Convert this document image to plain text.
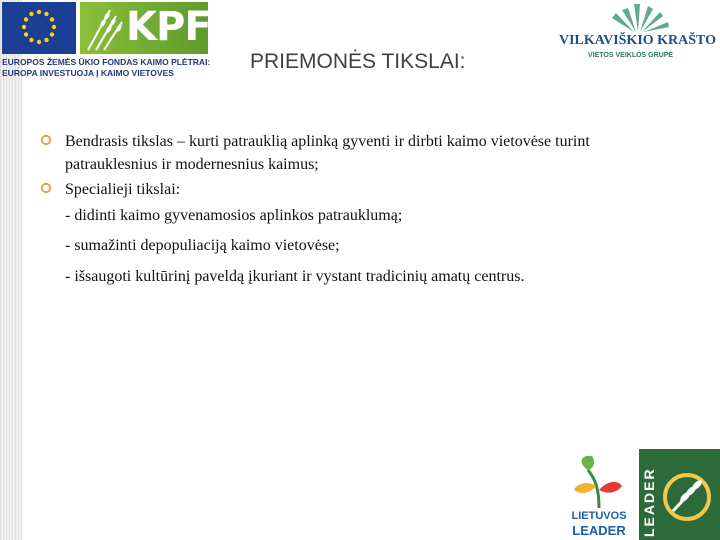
KPF
EUROPOS ŽEMĖS ŪKIO FONDAS KAIMO PLĖTRAI:
EUROPA INVESTUOJA Į KAIMO VIETOVES
VILKAVIŠKIO KRAŠTO
VIETOS VEIKLOS GRUPĖ
PRIEMONĖS TIKSLAI:
Bendrasis tikslas – kurti patrauklią aplinką gyventi ir dirbti kaimo vietovėse turint patrauklesnius ir modernesnius kaimus;
Specialieji tikslai:
- didinti kaimo gyvenamosios aplinkos patrauklumą;
- sumažinti depopuliaciją kaimo vietovėse;
- išsaugoti kultūrinį paveldą įkuriant ir vystant tradicinių amatų centrus.
LIETUVOS
LEADER	LEADER
